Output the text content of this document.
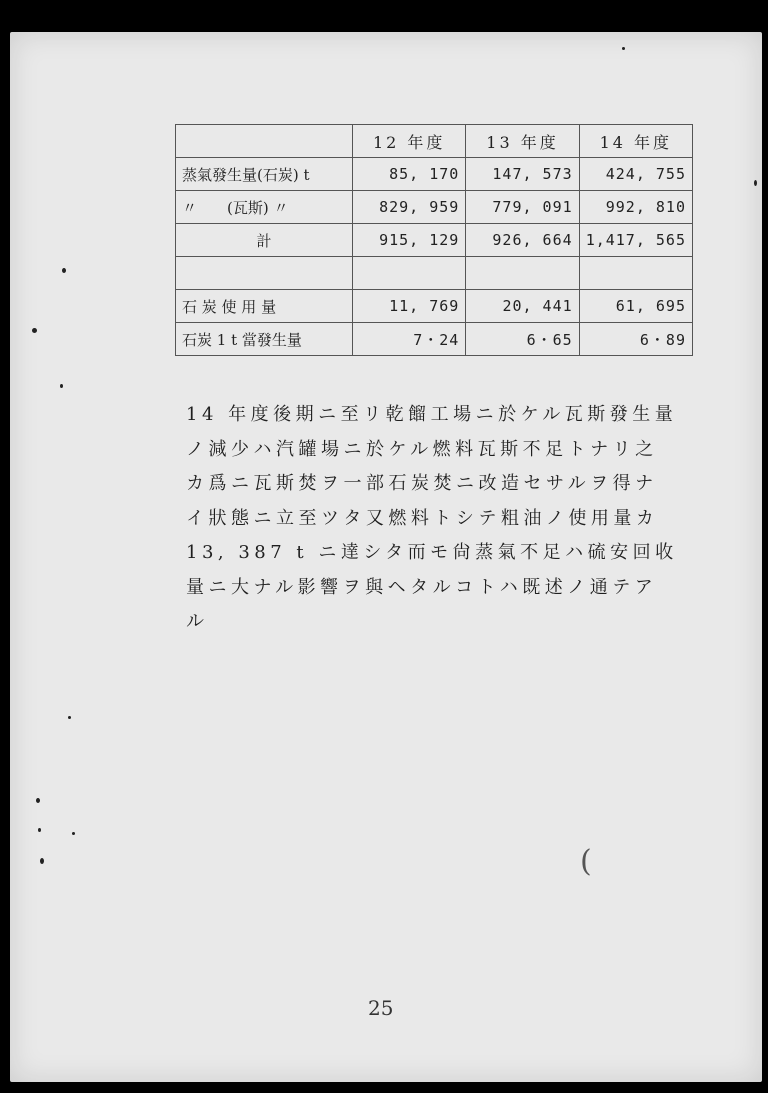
	12 年度	13 年度	14 年度
蒸氣發生量(石炭) t	85, 170	147, 573	424, 755
〃　　(瓦斯) 〃	829, 959	779, 091	992, 810
計	915, 129	926, 664	1,417, 565

石 炭 使 用 量	11, 769	20, 441	61, 695
石炭 1 t 當發生量	7・24	6・65	6・89
14 年度後期ニ至リ乾餾工場ニ於ケル瓦斯發生量
ノ減少ハ汽罐場ニ於ケル燃料瓦斯不足トナリ之
カ爲ニ瓦斯焚ヲ一部石炭焚ニ改造セサルヲ得ナ
イ狀態ニ立至ツタ又燃料トシテ粗油ノ使用量カ
13, 387 t ニ達シタ而モ尙蒸氣不足ハ硫安回收
量ニ大ナル影響ヲ與ヘタルコトハ既述ノ通テア
ル
(
25
